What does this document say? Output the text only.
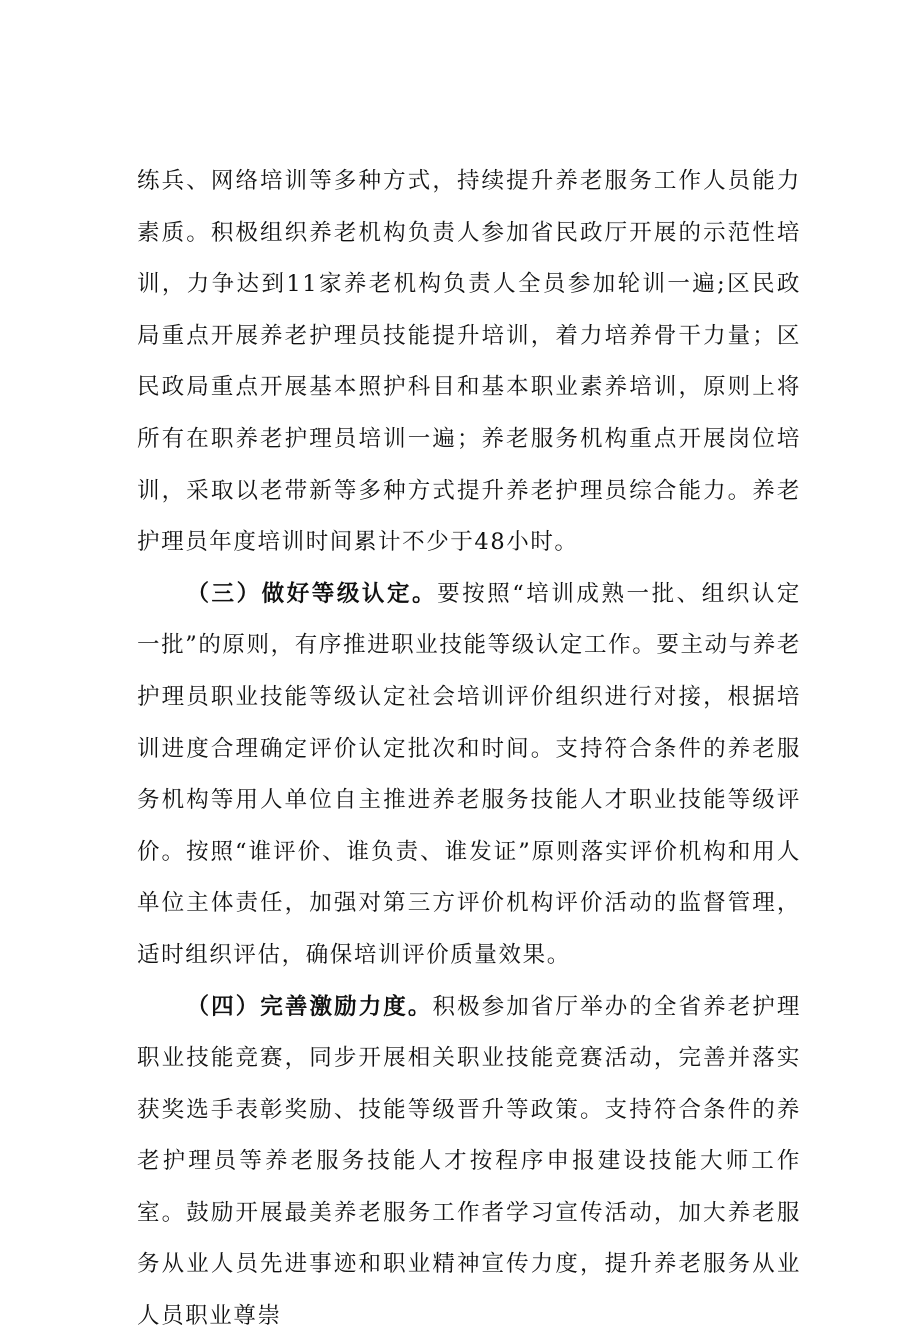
练兵、网络培训等多种方式，持续提升养老服务工作人员能力素质。积极组织养老机构负责人参加省民政厅开展的示范性培训，力争达到11家养老机构负责人全员参加轮训一遍;区民政局重点开展养老护理员技能提升培训，着力培养骨干力量；区民政局重点开展基本照护科目和基本职业素养培训，原则上将所有在职养老护理员培训一遍；养老服务机构重点开展岗位培训，采取以老带新等多种方式提升养老护理员综合能力。养老护理员年度培训时间累计不少于48小时。

（三）做好等级认定。要按照“培训成熟一批、组织认定一批”的原则，有序推进职业技能等级认定工作。要主动与养老护理员职业技能等级认定社会培训评价组织进行对接，根据培训进度合理确定评价认定批次和时间。支持符合条件的养老服务机构等用人单位自主推进养老服务技能人才职业技能等级评价。按照“谁评价、谁负责、谁发证”原则落实评价机构和用人单位主体责任，加强对第三方评价机构评价活动的监督管理，适时组织评估，确保培训评价质量效果。

（四）完善激励力度。积极参加省厅举办的全省养老护理职业技能竞赛，同步开展相关职业技能竞赛活动，完善并落实获奖选手表彰奖励、技能等级晋升等政策。支持符合条件的养老护理员等养老服务技能人才按程序申报建设技能大师工作室。鼓励开展最美养老服务工作者学习宣传活动，加大养老服务从业人员先进事迹和职业精神宣传力度，提升养老服务从业人员职业尊崇
